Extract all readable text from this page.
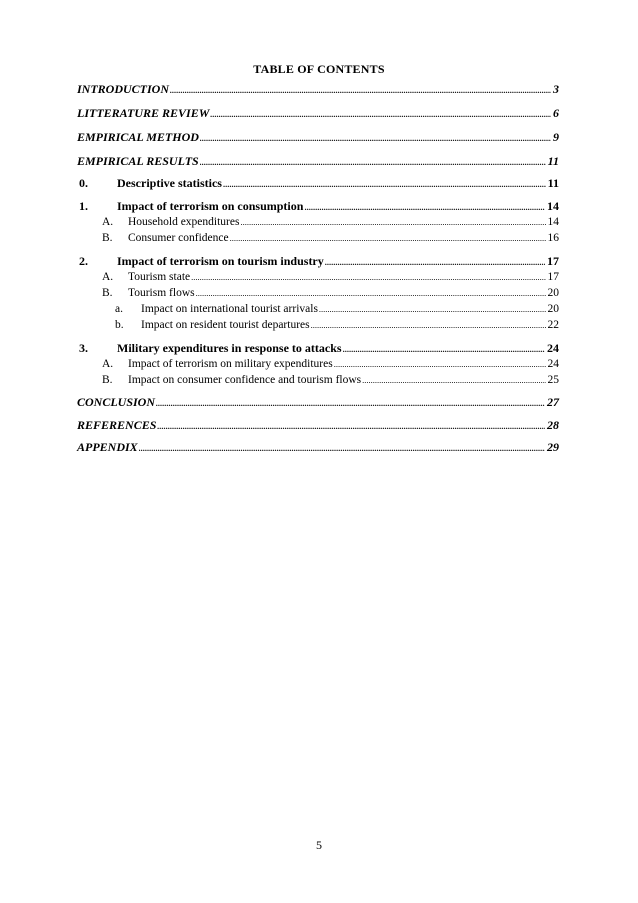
TABLE OF CONTENTS
INTRODUCTION .....	3
LITTERATURE REVIEW .....	6
EMPIRICAL METHOD .....	9
EMPIRICAL RESULTS .....	11
0.	Descriptive statistics .....	11
1.	Impact of terrorism on consumption .....	14
A.	Household expenditures .....	14
B.	Consumer confidence .....	16
2.	Impact of terrorism on tourism industry .....	17
A.	Tourism state .....	17
B.	Tourism flows .....	20
a.	Impact on international tourist arrivals .....	20
b.	Impact on resident tourist departures .....	22
3.	Military expenditures in response to attacks .....	24
A.	Impact of terrorism on military expenditures .....	24
B.	Impact on consumer confidence and tourism flows .....	25
CONCLUSION .....	27
REFERENCES .....	28
APPENDIX .....	29
5
